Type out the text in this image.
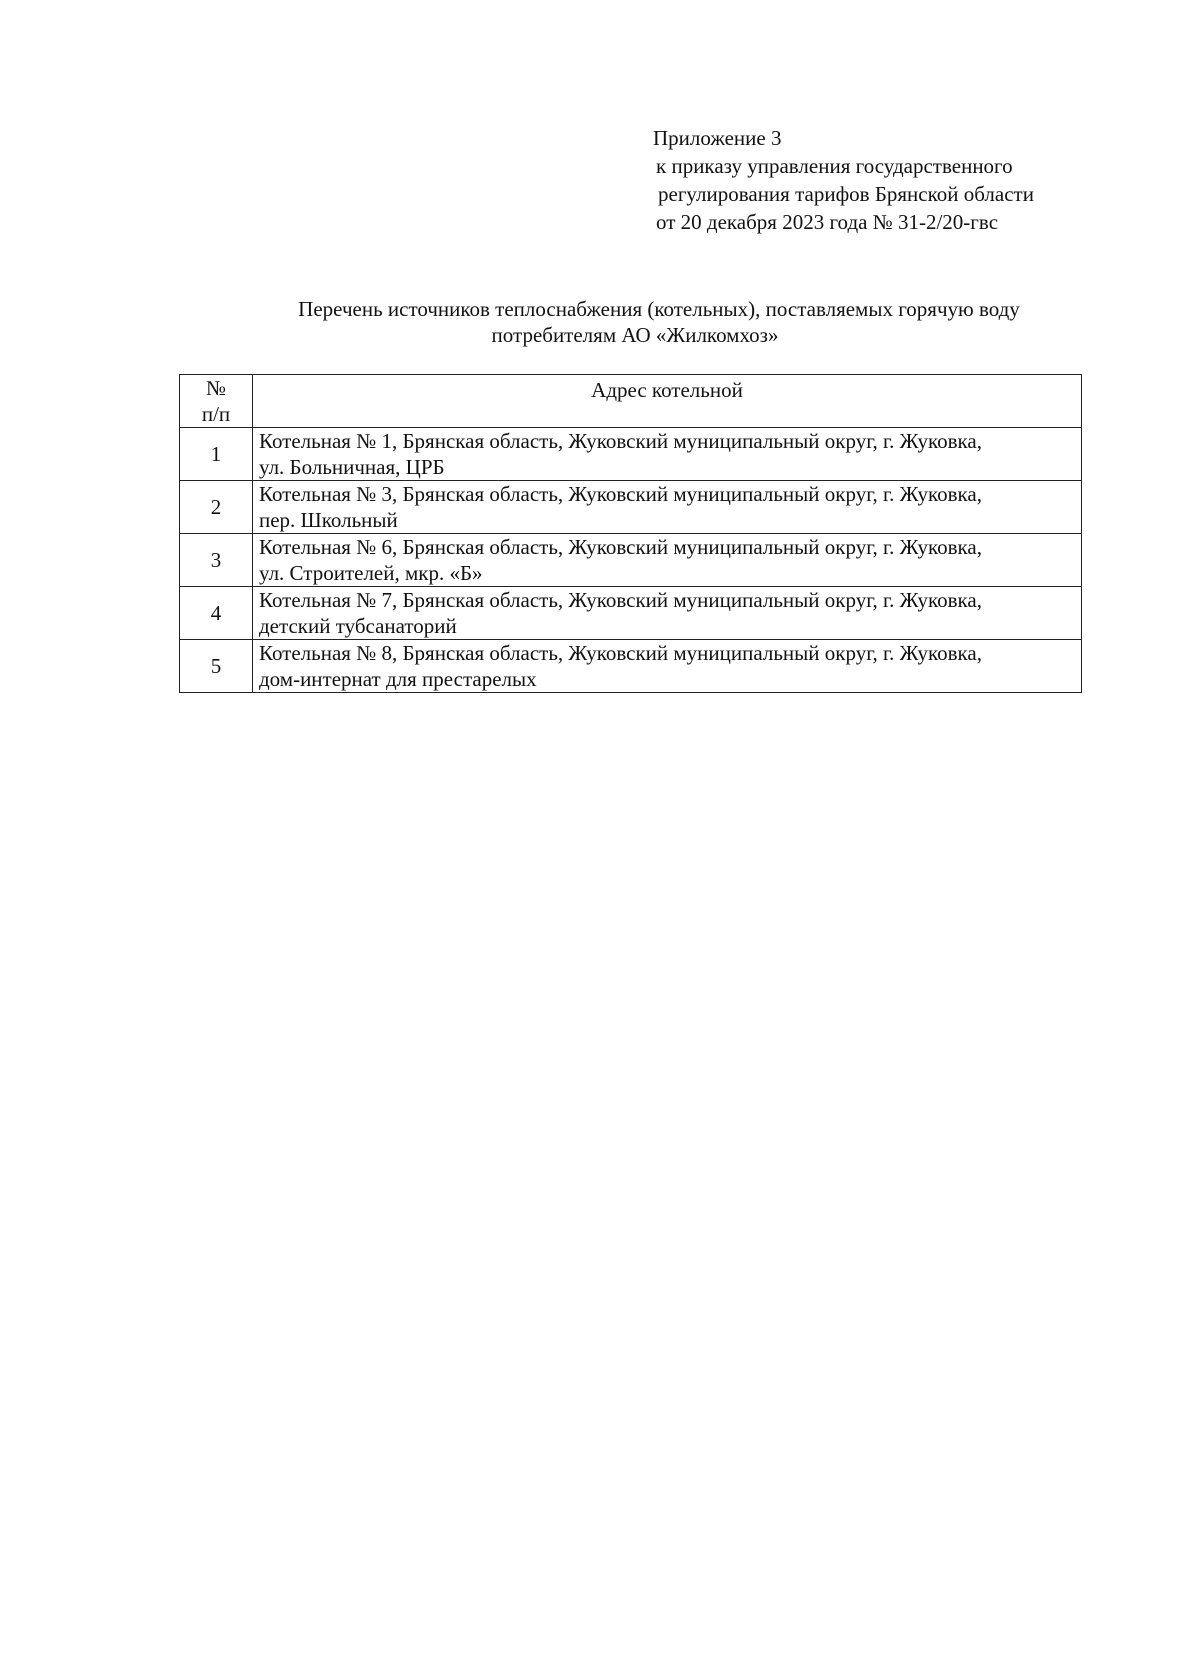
Приложение 3
к приказу управления государственного
регулирования тарифов Брянской области
от 20 декабря 2023 года № 31-2/20-гвс
Перечень источников теплоснабжения (котельных), поставляемых горячую воду
потребителям АО «Жилкомхоз»
№
п/п	Адрес котельной
1	Котельная № 1, Брянская область, Жуковский муниципальный округ, г. Жуковка,
ул. Больничная, ЦРБ

2	Котельная № 3, Брянская область, Жуковский муниципальный округ, г. Жуковка,
пер. Школьный

3	Котельная № 6, Брянская область, Жуковский муниципальный округ, г. Жуковка,
ул. Строителей, мкр. «Б»

4	Котельная № 7, Брянская область, Жуковский муниципальный округ, г. Жуковка,
детский тубсанаторий

5	Котельная № 8, Брянская область, Жуковский муниципальный округ, г. Жуковка,
дом-интернат для престарелых
